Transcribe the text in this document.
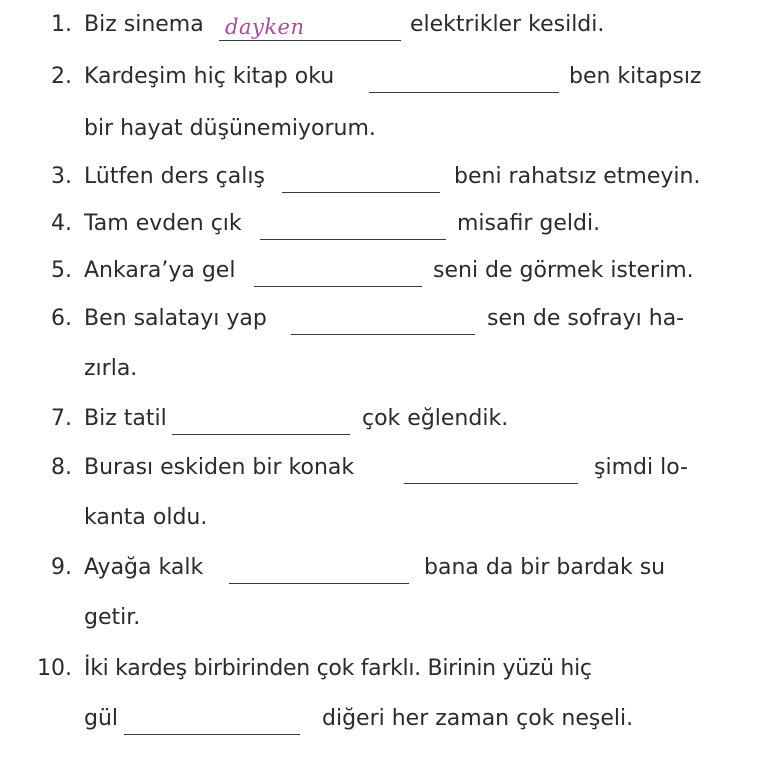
1. Biz sinema dayken	elektrikler kesildi.
2. Kardeşim hiç kitap oku	ben kitapsız
bir hayat düşünemiyorum.
3. Lütfen ders çalış	beni rahatsız etmeyin.
4. Tam evden çık	misafir geldi.
5. Ankara’ya gel	seni de görmek isterim.
6. Ben salatayı yap	sen de sofrayı ha-
zırla.
7. Biz tatil	çok eğlendik.
8. Burası eskiden bir konak	şimdi lo-
kanta oldu.
9. Ayağa kalk	bana da bir bardak su
getir.
10. İki kardeş birbirinden çok farklı. Birinin yüzü hiç
gül	diğeri her zaman çok neşeli.
